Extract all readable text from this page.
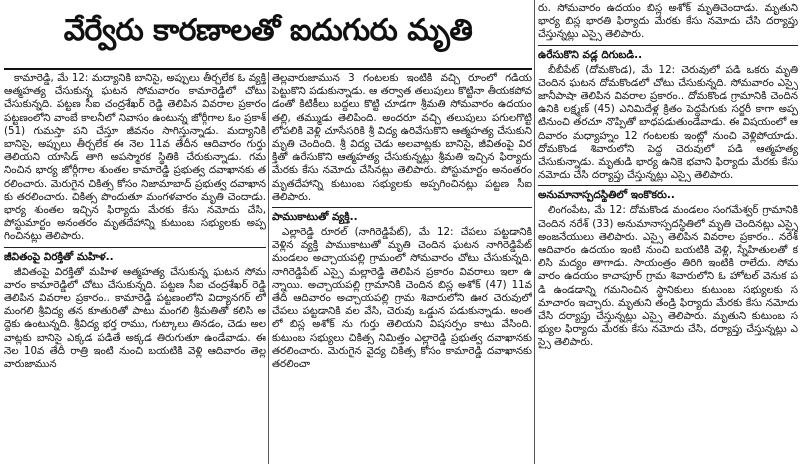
వేర్వేరు కారణాలతో ఐదుగురు మృతి

కామారెడ్డి, మే 12: మద్యానికి బానిసై, అప్పులు తీర్చలేక ఓ వ్యక్తి ఆత్మహత్య చేసుకున్న ఘటన సోమవారం కామారెడ్డిలో చోటు చేసుకున్నది. పట్టణ సీఐ చంద్రశేఖర్ రెడ్డి తెలిపిన వివరాల ప్రకారం పట్టణంలోని వాంబే కాలనీలో నివాసం ఉంటున్న జోర్గీగాల ఓం ప్రకాశ్ (51) గుమస్తా పని చేస్తూ జీవనం సాగిస్తున్నాడు. మద్యానికి బానిసై, అప్పులు తీర్చలేక ఈ నెల 11వ తేదీన ఆదివారం గుర్తు తెలియని యాసిడ్ తాగి అపస్మారక స్థితికి చేరుకున్నాడు. గమనించిన భార్య జోర్గీగాల శుంతల కామారెడ్డి ప్రభుత్వ దవాఖానకు తరలించారు. మెరుగైన చికిత్స కోసం నిజామాబాద్ ప్రభుత్వ దవాఖానకు తరలించారు. చికిత్స పొందుతూ మంగళవారం మృతి చెందాడు. భార్య శుంతల ఇచ్చిన ఫిర్యాదు మేరకు కేసు నమోదు చేసి, పోస్టుమార్టం అనంతరం మృతదేహాన్ని కుటుంబ సభ్యులకు అప్పగించినట్లు తెలిపారు.

జీవితంపై విరక్తితో మహిళ..

జీవితంపై విరక్తితో మహిళ ఆత్మహత్య చేసుకున్న ఘటన సోమవారం కామారెడ్డిలో చోటు చేసుకున్నది. పట్టణ సీఐ చంద్రశేఖర్ రెడ్డి తెలిపిన వివరాల ప్రకారం.. కామారెడ్డి పట్టణంలోని విద్యానగర్ లో మంగలి శ్రీవిద్య తన కూతురితో పాటు మంగలి శ్రీమతితో కలిసి అద్దెకు ఉంటున్నది. శ్రీవిద్య భర్త రాము, గుట్కాలు తినడం, చెడు అలవాట్లకు బానిసై ఎక్కడ పడితే అక్కడ తిరుగుతూ ఉండేవాడు. ఈ నెల 10వ తేదీ రాత్రి ఇంటి నుంచి బయటికి వెళ్లి ఆదివారం తెల్లవారుజామున

తెల్లవారుజామున 3 గంటలకు ఇంటికి వచ్చి రూంలో గడియ పెట్టుకొని పడుకున్నాడు. ఆ తర్వాత తలుపులు కొట్టినా తీయకపోవడంతో కిటికీలు బద్దలు కొట్టి చూడగా శ్రీమతి సోమవారం ఉదయం తల్లి, తమ్ముడు తెలిపింది. అందరూ వచ్చి తలుపులు పగులగొట్టి లోపలికి వెళ్లి చూసేసరికి శ్రీ విద్య ఉరివేసుకొని ఆత్మహత్య చేసుకుని మృతి చెందింది. శ్రీ విద్య చెడు అలవాట్లకు బానిసై, జీవితంపై విరక్తితో ఉరేసుకొని ఆత్మహత్య చేసుకున్నట్లు శ్రీమతి ఇచ్చిన ఫిర్యాదు మేరకు కేసు నమోదు చేసినట్లు తెలిపారు. పోస్టుమార్టం అనంతరం మృతదేహాన్ని కుటుంబ సభ్యులకు అప్పగించినట్లు పట్టణ సీఐ తెలిపారు.

పాముకాటుతో వ్యక్తి..

ఎల్లారెడ్డి రూరల్ (నాగిరెడ్డిపేట్), మే 12: చేపలు పట్టడానికి వెళ్లిన వ్యక్తి పాముకాటుతో మృతి చెందిన ఘటన నాగిరెడ్డిపేట్ మండలం అచ్చాయపల్లి గ్రామంలో సోమవారం చోటు చేసుకున్నది. నాగిరెడ్డిపేట్ ఎస్సై మల్లారెడ్డి తెలిపిన ప్రకారం వివరాలు ఇలా ఉన్నాయి. అచ్చాయపల్లి గ్రామానికి చెందిన బిస్ల అశోక్ (47) 11వ తేదీ ఆదివారం అచ్చాయపల్లి గ్రామ శివారులోని ఊర చెరువులో చేపలు పట్టడానికి వల వేసి, చెరువు ఒడ్డున పడుకున్నాడు. అంతలో బిస్ల అశోక్ ను గుర్తు తెలియని విషసర్పం కాటు వేసింది. కుటుంబ సభ్యులు చికిత్స నిమిత్తం ఎల్లారెడ్డి ప్రభుత్వ దవాఖానకు తరలించారు. మెరుగైన వైద్య చికిత్స కోసం కామారెడ్డి దవాఖానకు తరలించా

రు. సోమవారం ఉదయం బిస్ల అశోక్ మృతిచెందాడు. మృతుని భార్య బిస్ల భారతి ఫిర్యాదు మేరకు కేసు నమోదు చేసి దర్యాప్తు చేస్తున్నట్లు ఎస్సై తెలిపారు.

ఉరేసుకొని వడ్ల దిగుబడి..

బీబీపేట్ (దోమకొండ), మే 12: చెరువులో పడి ఒకరు మృతి చెందిన ఘటన దోమకొండలో చోటు చేసుకున్నది. సోమవారం ఎస్సై జానీపాషా తెలిపిన వివరాల ప్రకారం.. దోమకొండ గ్రామానికి చెందిన ఉనికి లక్ష్మణ్ (45) ఎనిమిదేళ్ల క్రితం పెద్దపేగుకు సర్జరీ కాగా అప్పటినుంచి తరచూ నొప్పితో బాధపడుతుండేవాడు. ఈ విషయంలో ఆదివారం మధ్యాహ్నం 12 గంటలకు ఇంట్లో నుంచి వెళ్లిపోయాడు. దోమకొండ శివారులోని పెద్ద చెరువులో పడి ఆత్మహత్య చేసుకున్నాడు. మృతుడి భార్య ఉనికె భవాని ఫిర్యాదు మేరకు కేసు నమోదు చేసి దర్యాప్తు చేస్తున్నట్లు ఎస్సై తెలిపారు.

అనుమానాస్పదస్థితిలో ఇంకొకరు..

లింగంపేట, మే 12: దోమకొండ మండలం సంగమేశ్వర్ గ్రామానికి చెందిన నరేశ్ (33) అనుమానాస్పదస్థితిలో మృతి చెందినట్లు ఎస్సై అంజనేయులు తెలిపారు. ఎస్సై తెలిపిన వివరాల ప్రకారం.. నరేశ్ ఆదివారం ఉదయం ఇంటి నుంచి బయటికి వెళ్లి, స్నేహితులతో కలిసి మద్యం తాగాడు. సాయంత్రం తిరిగి ఇంటికి రాలేదు. సోమవారం ఉదయం కాచాపూర్ గ్రామ శివారులోని ఓ హోటల్ వెనుక పడి ఉండడాన్ని గమనించిన స్థానికులు కుటుంబ సభ్యులకు సమాచారం ఇచ్చారు. మృతుని తండ్రి ఫిర్యాదు మేరకు కేసు నమోదు చేసి దర్యాప్తు చేస్తున్నట్లు ఎస్సై తెలిపారు. మృతుని కుటుంబ సభ్యుల ఫిర్యాదు మేరకు కేసు నమోదు చేసి, దర్యాప్తు చేస్తున్నట్లు ఎస్సై తెలిపారు.
